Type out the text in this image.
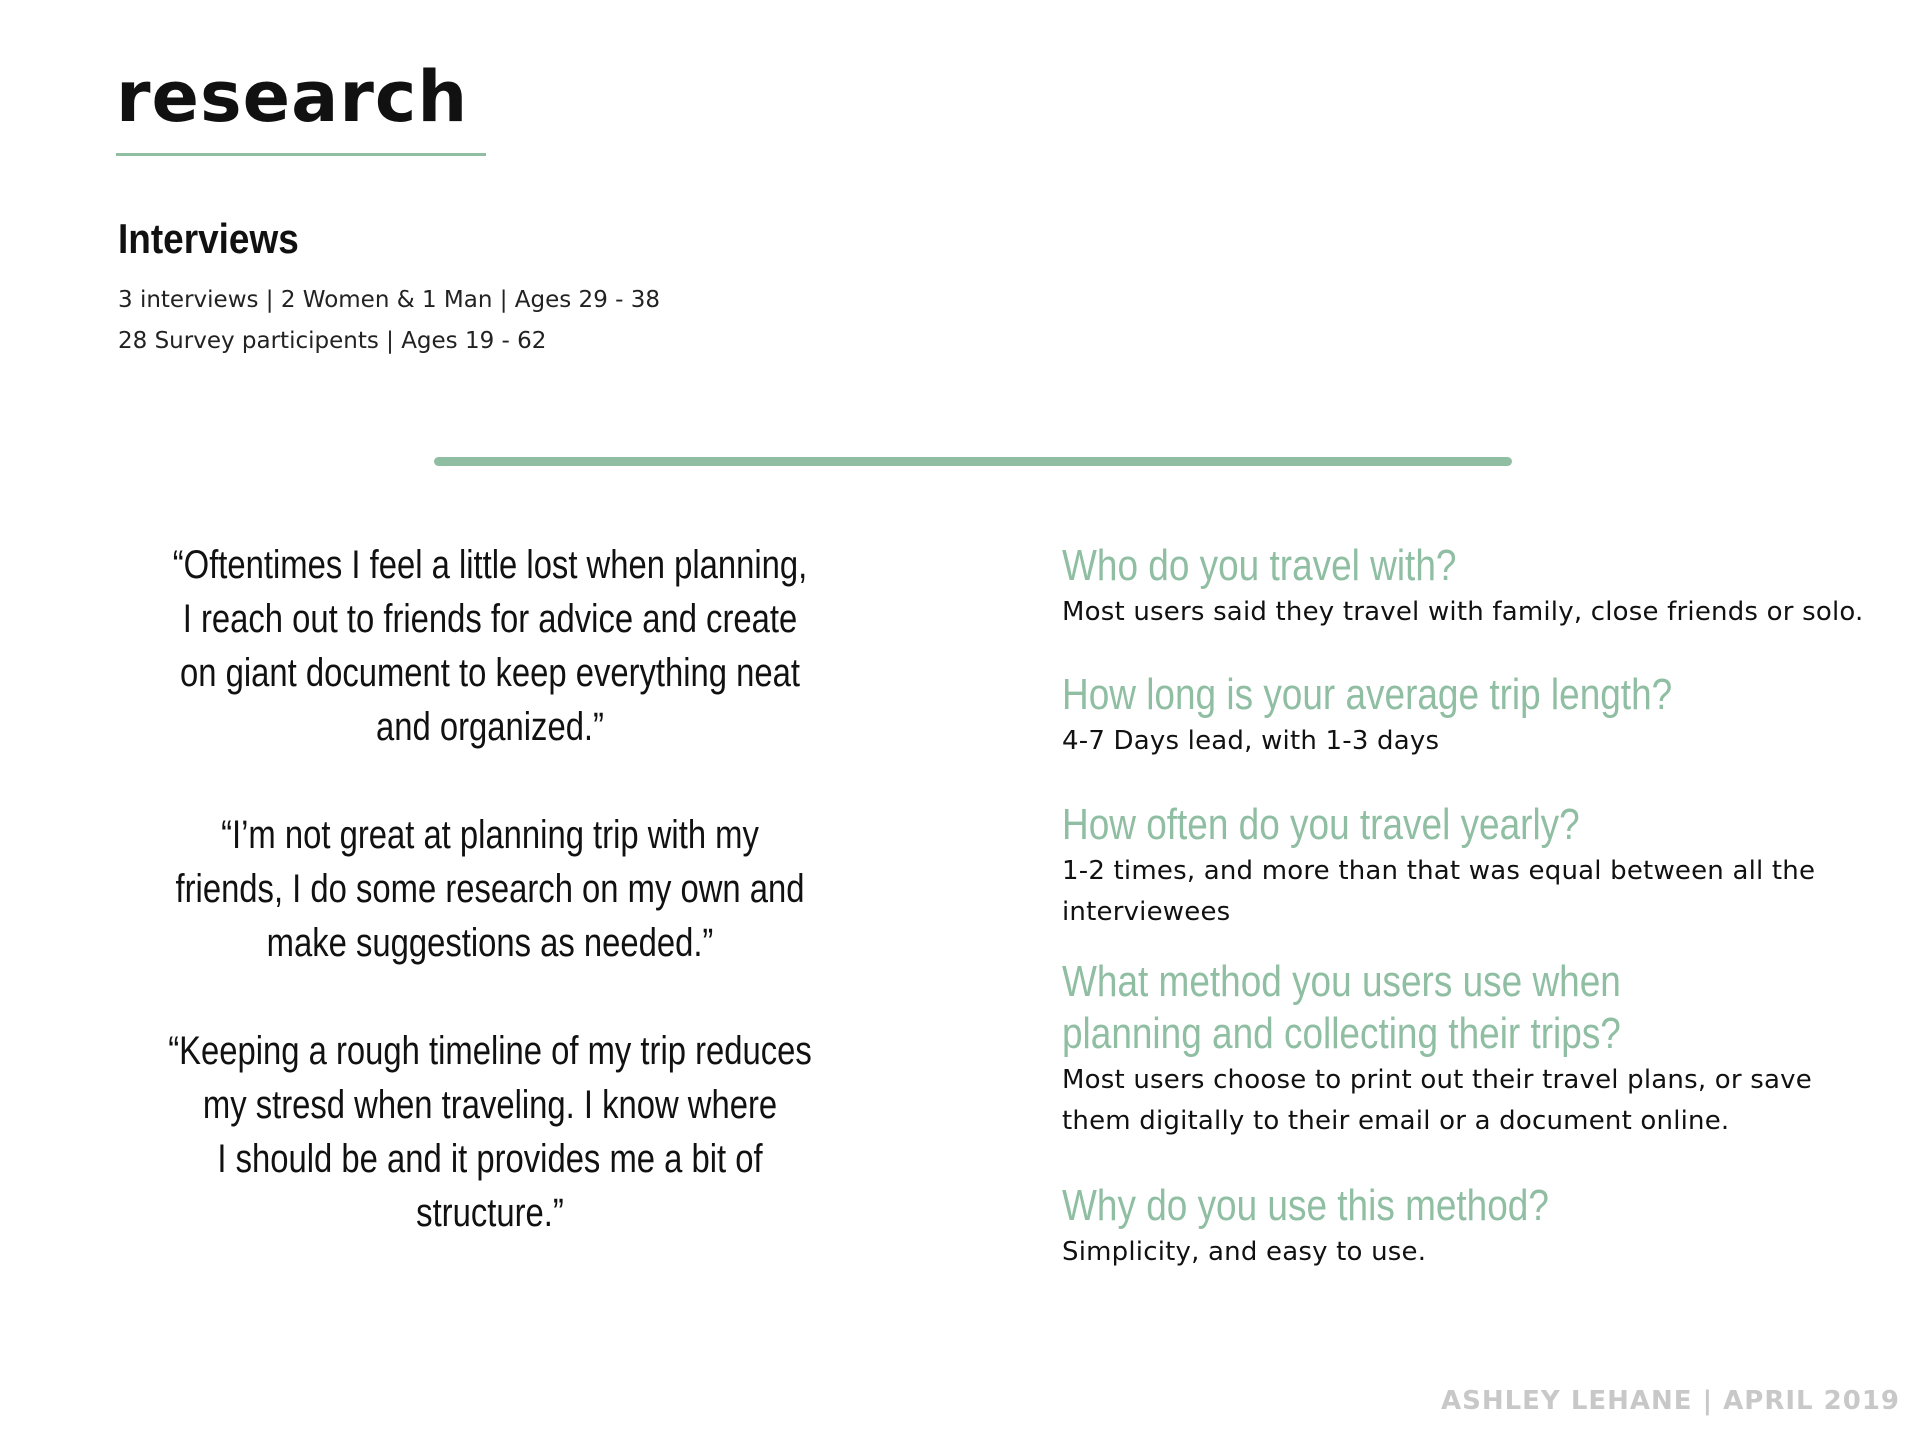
research
Interviews
3 interviews | 2 Women & 1 Man | Ages 29 - 38
28 Survey participents | Ages 19 - 62

“Oftentimes I feel a little lost when planning,
I reach out to friends for advice and create
on giant document to keep everything neat
and organized.”

“I’m not great at planning trip with my
friends, I do some research on my own and
make suggestions as needed.”

“Keeping a rough timeline of my trip reduces
my stresd when traveling. I know where
I should be and it provides me a bit of
structure.”

Who do you travel with?

Most users said they travel with family, close friends or solo.

How long is your average trip length?

4-7 Days lead, with 1-3 days

How often do you travel yearly?

1-2 times, and more than that was equal between all the interviewees

What method you users use when planning and collecting their trips?

Most users choose to print out their travel plans, or save them digitally to their email or a document online.

Why do you use this method?

Simplicity, and easy to use.

ASHLEY LEHANE | APRIL 2019
